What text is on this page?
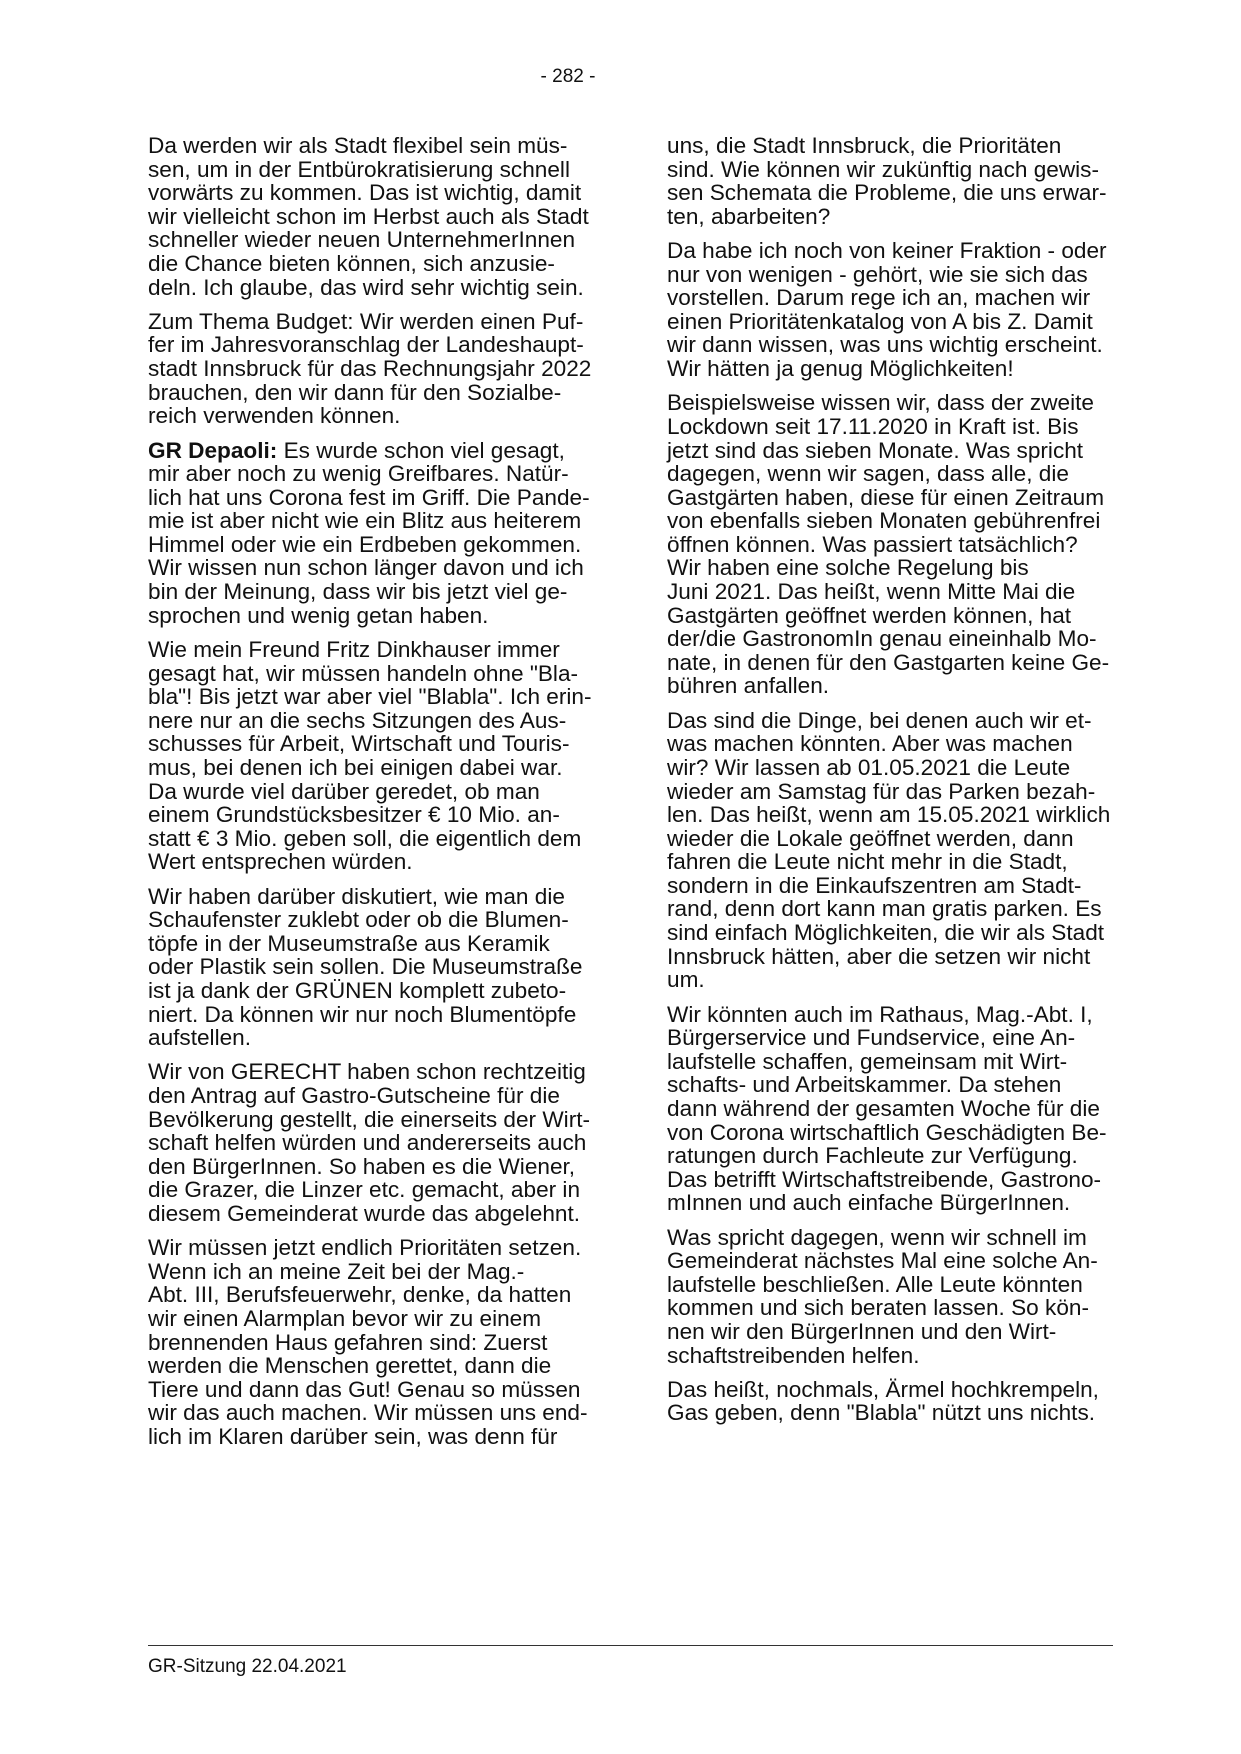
- 282 -

Da werden wir als Stadt flexibel sein müs-
sen, um in der Entbürokratisierung schnell
vorwärts zu kommen. Das ist wichtig, damit
wir vielleicht schon im Herbst auch als Stadt
schneller wieder neuen UnternehmerInnen
die Chance bieten können, sich anzusie-
deln. Ich glaube, das wird sehr wichtig sein.

Zum Thema Budget: Wir werden einen Puf-
fer im Jahresvoranschlag der Landeshaupt-
stadt Innsbruck für das Rechnungsjahr 2022
brauchen, den wir dann für den Sozialbe-
reich verwenden können.

GR Depaoli: Es wurde schon viel gesagt,
mir aber noch zu wenig Greifbares. Natür-
lich hat uns Corona fest im Griff. Die Pande-
mie ist aber nicht wie ein Blitz aus heiterem
Himmel oder wie ein Erdbeben gekommen.
Wir wissen nun schon länger davon und ich
bin der Meinung, dass wir bis jetzt viel ge-
sprochen und wenig getan haben.

Wie mein Freund Fritz Dinkhauser immer
gesagt hat, wir müssen handeln ohne "Bla-
bla"! Bis jetzt war aber viel "Blabla". Ich erin-
nere nur an die sechs Sitzungen des Aus-
schusses für Arbeit, Wirtschaft und Touris-
mus, bei denen ich bei einigen dabei war.
Da wurde viel darüber geredet, ob man
einem Grundstücksbesitzer € 10 Mio. an-
statt € 3 Mio. geben soll, die eigentlich dem
Wert entsprechen würden.

Wir haben darüber diskutiert, wie man die
Schaufenster zuklebt oder ob die Blumen-
töpfe in der Museumstraße aus Keramik
oder Plastik sein sollen. Die Museumstraße
ist ja dank der GRÜNEN komplett zubeto-
niert. Da können wir nur noch Blumentöpfe
aufstellen.

Wir von GERECHT haben schon rechtzeitig
den Antrag auf Gastro-Gutscheine für die
Bevölkerung gestellt, die einerseits der Wirt-
schaft helfen würden und andererseits auch
den BürgerInnen. So haben es die Wiener,
die Grazer, die Linzer etc. gemacht, aber in
diesem Gemeinderat wurde das abgelehnt.

Wir müssen jetzt endlich Prioritäten setzen.
Wenn ich an meine Zeit bei der Mag.-
Abt. III, Berufsfeuerwehr, denke, da hatten
wir einen Alarmplan bevor wir zu einem
brennenden Haus gefahren sind: Zuerst
werden die Menschen gerettet, dann die
Tiere und dann das Gut! Genau so müssen
wir das auch machen. Wir müssen uns end-
lich im Klaren darüber sein, was denn für

uns, die Stadt Innsbruck, die Prioritäten
sind. Wie können wir zukünftig nach gewis-
sen Schemata die Probleme, die uns erwar-
ten, abarbeiten?

Da habe ich noch von keiner Fraktion - oder
nur von wenigen - gehört, wie sie sich das
vorstellen. Darum rege ich an, machen wir
einen Prioritätenkatalog von A bis Z. Damit
wir dann wissen, was uns wichtig erscheint.
Wir hätten ja genug Möglichkeiten!

Beispielsweise wissen wir, dass der zweite
Lockdown seit 17.11.2020 in Kraft ist. Bis
jetzt sind das sieben Monate. Was spricht
dagegen, wenn wir sagen, dass alle, die
Gastgärten haben, diese für einen Zeitraum
von ebenfalls sieben Monaten gebührenfrei
öffnen können. Was passiert tatsächlich?
Wir haben eine solche Regelung bis
Juni 2021. Das heißt, wenn Mitte Mai die
Gastgärten geöffnet werden können, hat
der/die GastronomIn genau eineinhalb Mo-
nate, in denen für den Gastgarten keine Ge-
bühren anfallen.

Das sind die Dinge, bei denen auch wir et-
was machen könnten. Aber was machen
wir? Wir lassen ab 01.05.2021 die Leute
wieder am Samstag für das Parken bezah-
len. Das heißt, wenn am 15.05.2021 wirklich
wieder die Lokale geöffnet werden, dann
fahren die Leute nicht mehr in die Stadt,
sondern in die Einkaufszentren am Stadt-
rand, denn dort kann man gratis parken. Es
sind einfach Möglichkeiten, die wir als Stadt
Innsbruck hätten, aber die setzen wir nicht
um.

Wir könnten auch im Rathaus, Mag.-Abt. I,
Bürgerservice und Fundservice, eine An-
laufstelle schaffen, gemeinsam mit Wirt-
schafts- und Arbeitskammer. Da stehen
dann während der gesamten Woche für die
von Corona wirtschaftlich Geschädigten Be-
ratungen durch Fachleute zur Verfügung.
Das betrifft Wirtschaftstreibende, Gastrono-
mInnen und auch einfache BürgerInnen.

Was spricht dagegen, wenn wir schnell im
Gemeinderat nächstes Mal eine solche An-
laufstelle beschließen. Alle Leute könnten
kommen und sich beraten lassen. So kön-
nen wir den BürgerInnen und den Wirt-
schaftstreibenden helfen.

Das heißt, nochmals, Ärmel hochkrempeln,
Gas geben, denn "Blabla" nützt uns nichts.

GR-Sitzung 22.04.2021
